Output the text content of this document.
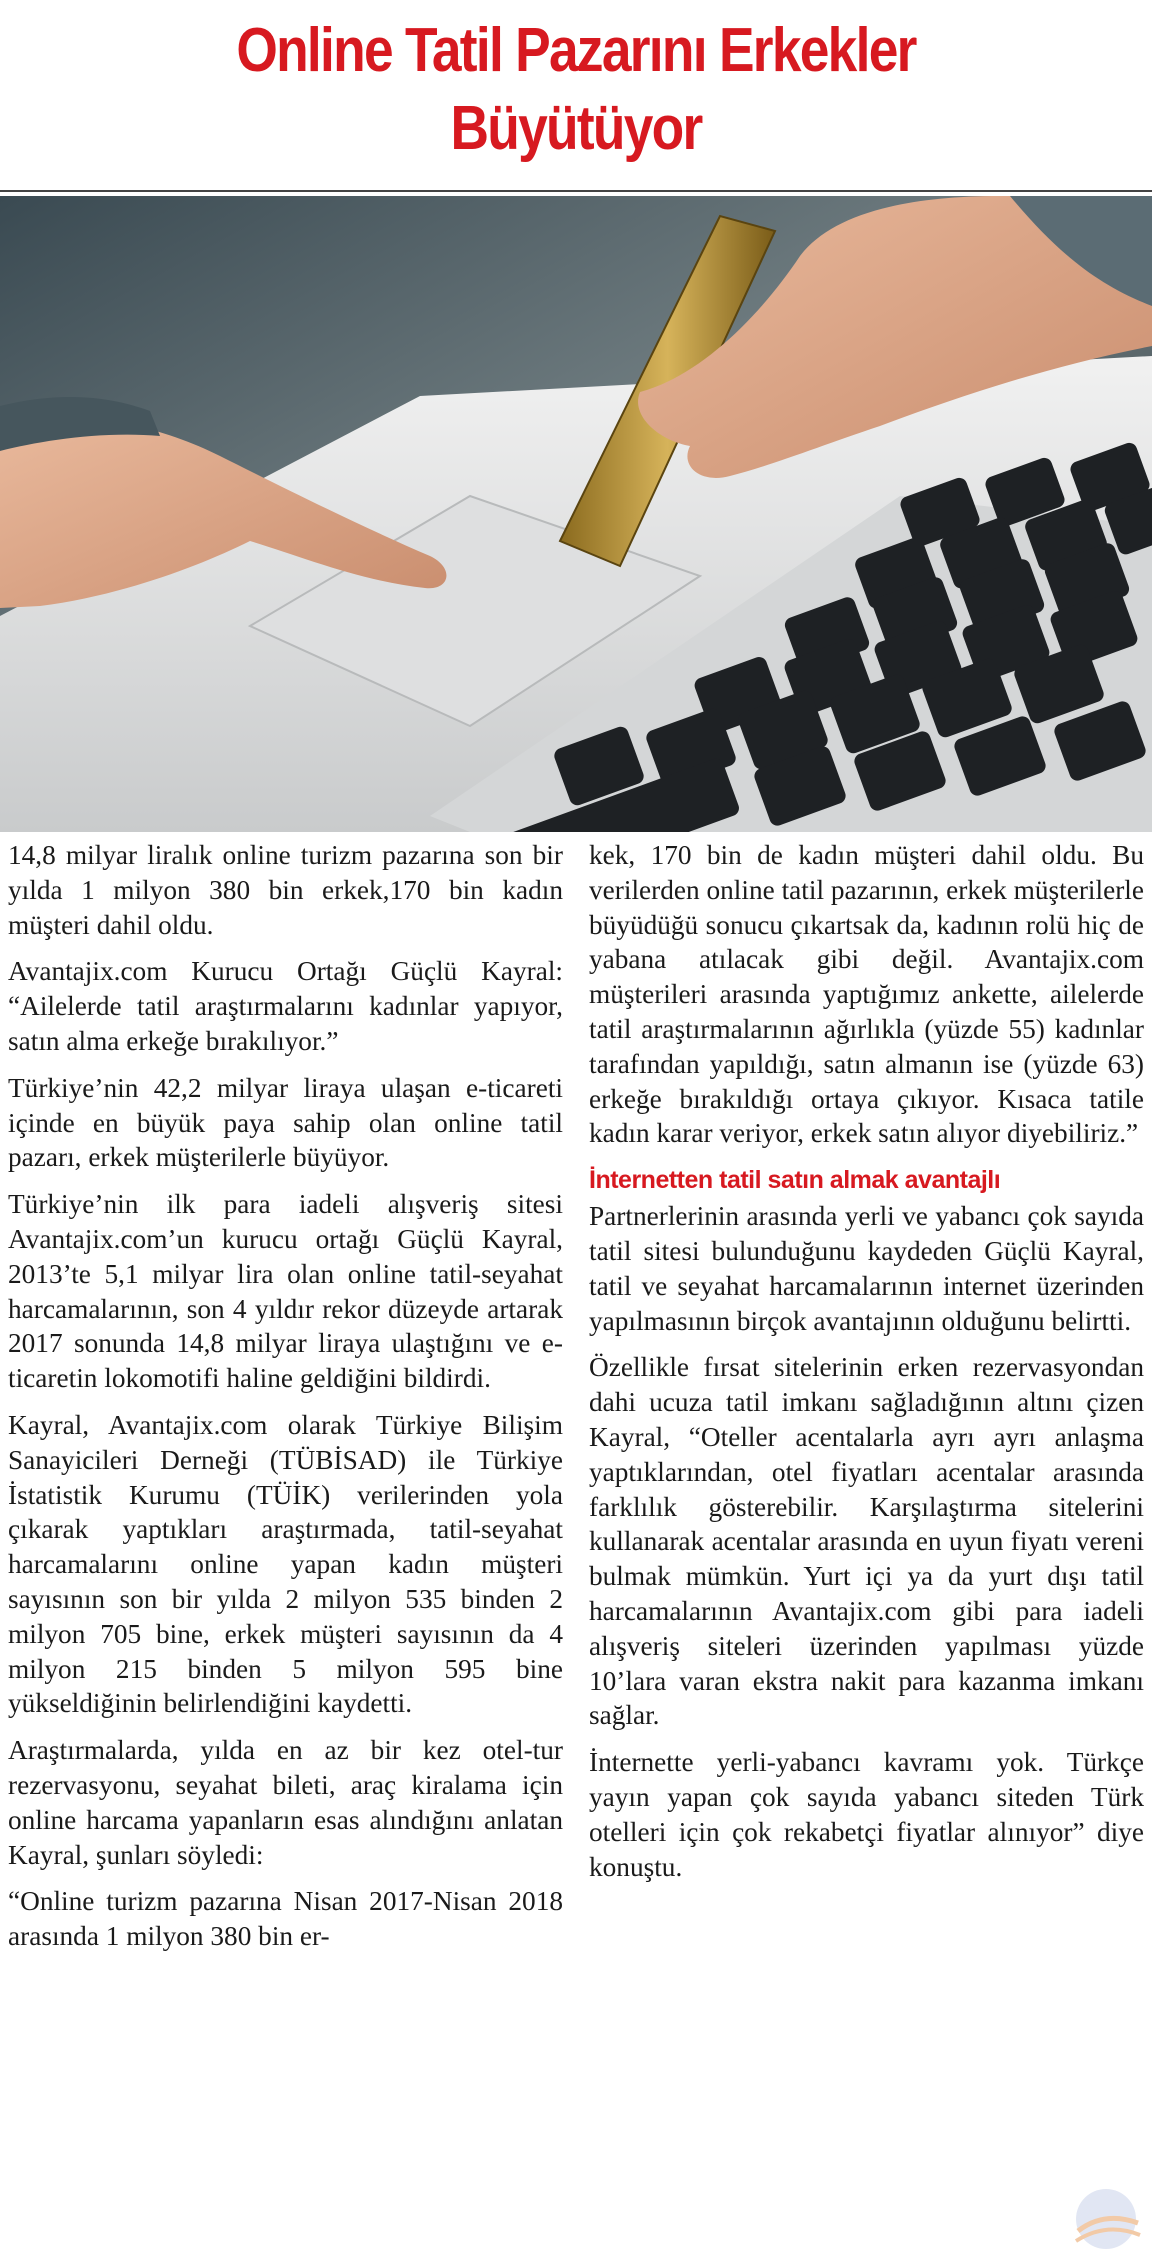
Online Tatil Pazarını Erkekler
Büyütüyor

14,8 milyar liralık online turizm pazarına son bir yılda 1 milyon 380 bin erkek,170 bin kadın müşteri dahil oldu.

Avantajix.com Kurucu Ortağı Güçlü Kayral: “Ailelerde tatil araştırmalarını kadınlar yapıyor, satın alma erkeğe bırakılıyor.”

Türkiye’nin 42,2 milyar liraya ulaşan e-ticareti içinde en büyük paya sahip olan online tatil pazarı, erkek müşterilerle büyüyor.

Türkiye’nin ilk para iadeli alışveriş sitesi Avantajix.com’un kurucu ortağı Güçlü Kayral, 2013’te 5,1 milyar lira olan online tatil-seyahat harcamalarının, son 4 yıldır rekor düzeyde artarak 2017 sonunda 14,8 milyar liraya ulaştığını ve e-ticaretin lokomotifi haline geldiğini bildirdi.

Kayral, Avantajix.com olarak Türkiye Bilişim Sanayicileri Derneği (TÜBİSAD) ile Türkiye İstatistik Kurumu (TÜİK) verilerinden yola çıkarak yaptıkları araştırmada, tatil-seyahat harcamalarını online yapan kadın müşteri sayısının son bir yılda 2 milyon 535 binden 2 milyon 705 bine, erkek müşteri sayısının da 4 milyon 215 binden 5 milyon 595 bine yükseldiğinin belirlendiğini kaydetti.

Araştırmalarda, yılda en az bir kez otel-tur rezervasyonu, seyahat bileti, araç kiralama için online harcama yapanların esas alındığını anlatan Kayral, şunları söyledi:

“Online turizm pazarına Nisan 2017-Nisan 2018 arasında 1 milyon 380 bin er-

kek, 170 bin de kadın müşteri dahil oldu. Bu verilerden online tatil pazarının, erkek müşterilerle büyüdüğü sonucu çıkartsak da, kadının rolü hiç de yabana atılacak gibi değil. Avantajix.com müşterileri arasında yaptığımız ankette, ailelerde tatil araştırmalarının ağırlıkla (yüzde 55) kadınlar tarafından yapıldığı, satın almanın ise (yüzde 63) erkeğe bırakıldığı ortaya çıkıyor. Kısaca tatile kadın karar veriyor, erkek satın alıyor diyebiliriz.”

İnternetten tatil satın almak avantajlı

Partnerlerinin arasında yerli ve yabancı çok sayıda tatil sitesi bulunduğunu kaydeden Güçlü Kayral, tatil ve seyahat harcamalarının internet üzerinden yapılmasının birçok avantajının olduğunu belirtti.

Özellikle fırsat sitelerinin erken rezervasyondan dahi ucuza tatil imkanı sağladığının altını çizen Kayral, “Oteller acentalarla ayrı ayrı anlaşma yaptıklarından, otel fiyatları acentalar arasında farklılık gösterebilir. Karşılaştırma sitelerini kullanarak acentalar arasında en uyun fiyatı vereni bulmak mümkün. Yurt içi ya da yurt dışı tatil harcamalarının Avantajix.com gibi para iadeli alışveriş siteleri üzerinden yapılması yüzde 10’lara varan ekstra nakit para kazanma imkanı sağlar.

İnternette yerli-yabancı kavramı yok. Türkçe yayın yapan çok sayıda yabancı siteden Türk otelleri için çok rekabetçi fiyatlar alınıyor” diye konuştu.
